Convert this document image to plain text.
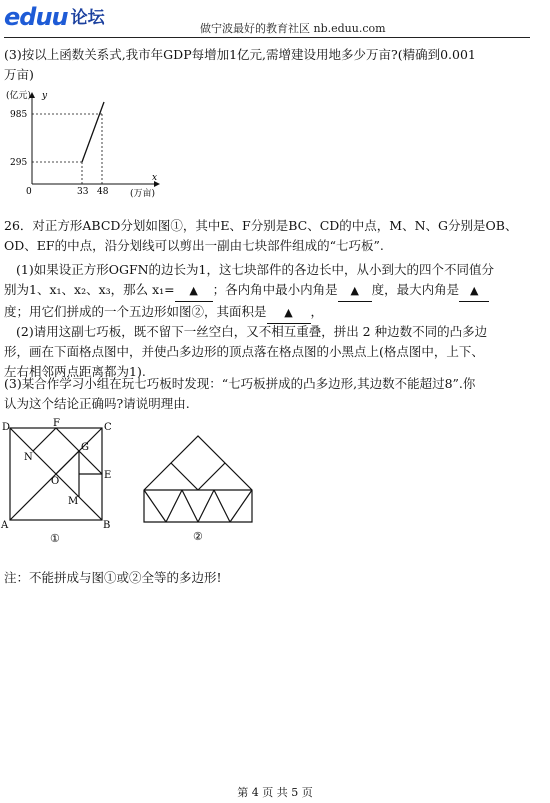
eduu 论坛
做宁波最好的教育社区 nb.eduu.com
(3)按以上函数关系式,我市年GDP每增加1亿元,需增建设用地多少万亩?(精确到0.001
万亩)
(亿元) y
985
295
0	33 48
x
(万亩)
26．对正方形ABCD分划如图①，其中E、F分别是BC、CD的中点，M、N、G分别是OB、
OD、EF的中点，沿分划线可以剪出一副由七块部件组成的“七巧板”.
(1)如果设正方形OGFN的边长为1，这七块部件的各边长中，从小到大的四个不同值分
别为1、x₁、x₂、x₃，那么 x₁= ▲ ；各内角中最小内角是 ▲ 度，最大内角是 ▲
度；用它们拼成的一个五边形如图②，其面积是 ▲ ，
(2)请用这副七巧板，既不留下一丝空白，又不相互重叠，拼出 2 种边数不同的凸多边
形，画在下面格点图中，并使凸多边形的顶点落在格点图的小黑点上(格点图中，上下、
左右相邻两点距离都为1).
(3)某合作学习小组在玩七巧板时发现：“七巧板拼成的凸多边形,其边数不能超过8”.你
认为这个结论正确吗?请说明理由.
D	F	C
N
G
E
O
M
A	B
①	②
注：不能拼成与图①或②全等的多边形!
第 4 页 共 5 页
